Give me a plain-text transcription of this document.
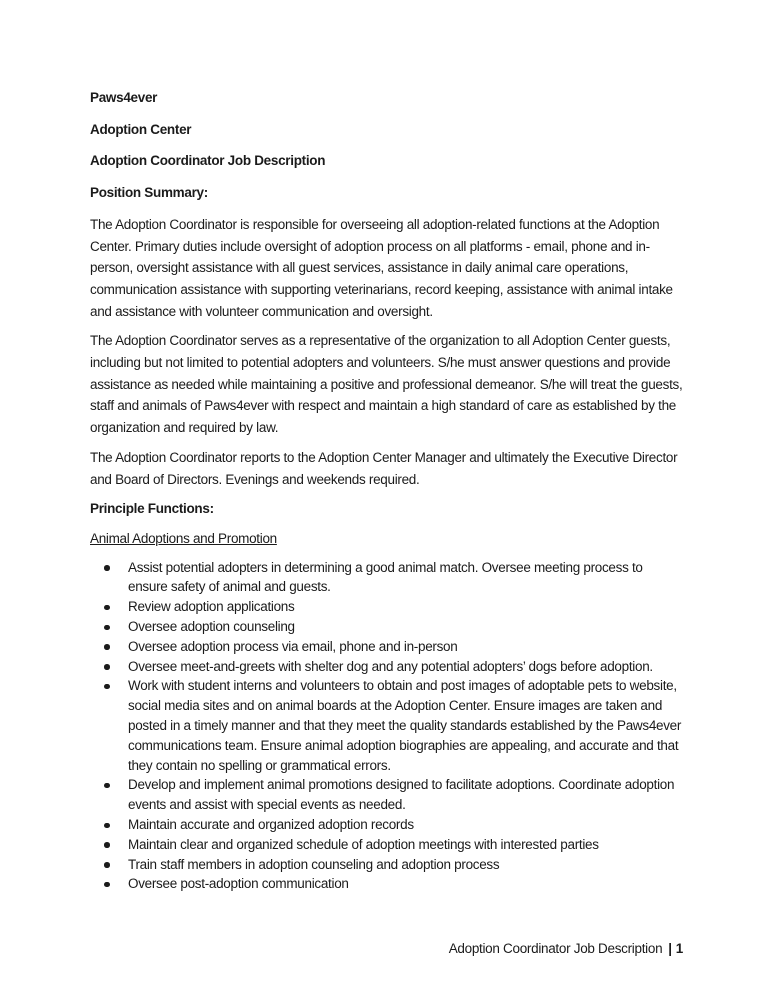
Paws4ever

Adoption Center

Adoption Coordinator Job Description

Position Summary:

The Adoption Coordinator is responsible for overseeing all adoption-related functions at the Adoption Center. Primary duties include oversight of adoption process on all platforms - email, phone and in-person, oversight assistance with all guest services, assistance in daily animal care operations, communication assistance with supporting veterinarians, record keeping, assistance with animal intake and assistance with volunteer communication and oversight.

The Adoption Coordinator serves as a representative of the organization to all Adoption Center guests, including but not limited to potential adopters and volunteers. S/he must answer questions and provide assistance as needed while maintaining a positive and professional demeanor. S/he will treat the guests, staff and animals of Paws4ever with respect and maintain a high standard of care as established by the organization and required by law.

The Adoption Coordinator reports to the Adoption Center Manager and ultimately the Executive Director and Board of Directors. Evenings and weekends required.

Principle Functions:

Animal Adoptions and Promotion

Assist potential adopters in determining a good animal match. Oversee meeting process to ensure safety of animal and guests.
Review adoption applications
Oversee adoption counseling
Oversee adoption process via email, phone and in-person
Oversee meet-and-greets with shelter dog and any potential adopters’ dogs before adoption.
Work with student interns and volunteers to obtain and post images of adoptable pets to website, social media sites and on animal boards at the Adoption Center. Ensure images are taken and posted in a timely manner and that they meet the quality standards established by the Paws4ever communications team. Ensure animal adoption biographies are appealing, and accurate and that they contain no spelling or grammatical errors.
Develop and implement animal promotions designed to facilitate adoptions. Coordinate adoption events and assist with special events as needed.
Maintain accurate and organized adoption records
Maintain clear and organized schedule of adoption meetings with interested parties
Train staff members in adoption counseling and adoption process
Oversee post-adoption communication
Adoption Coordinator Job Description | 1
